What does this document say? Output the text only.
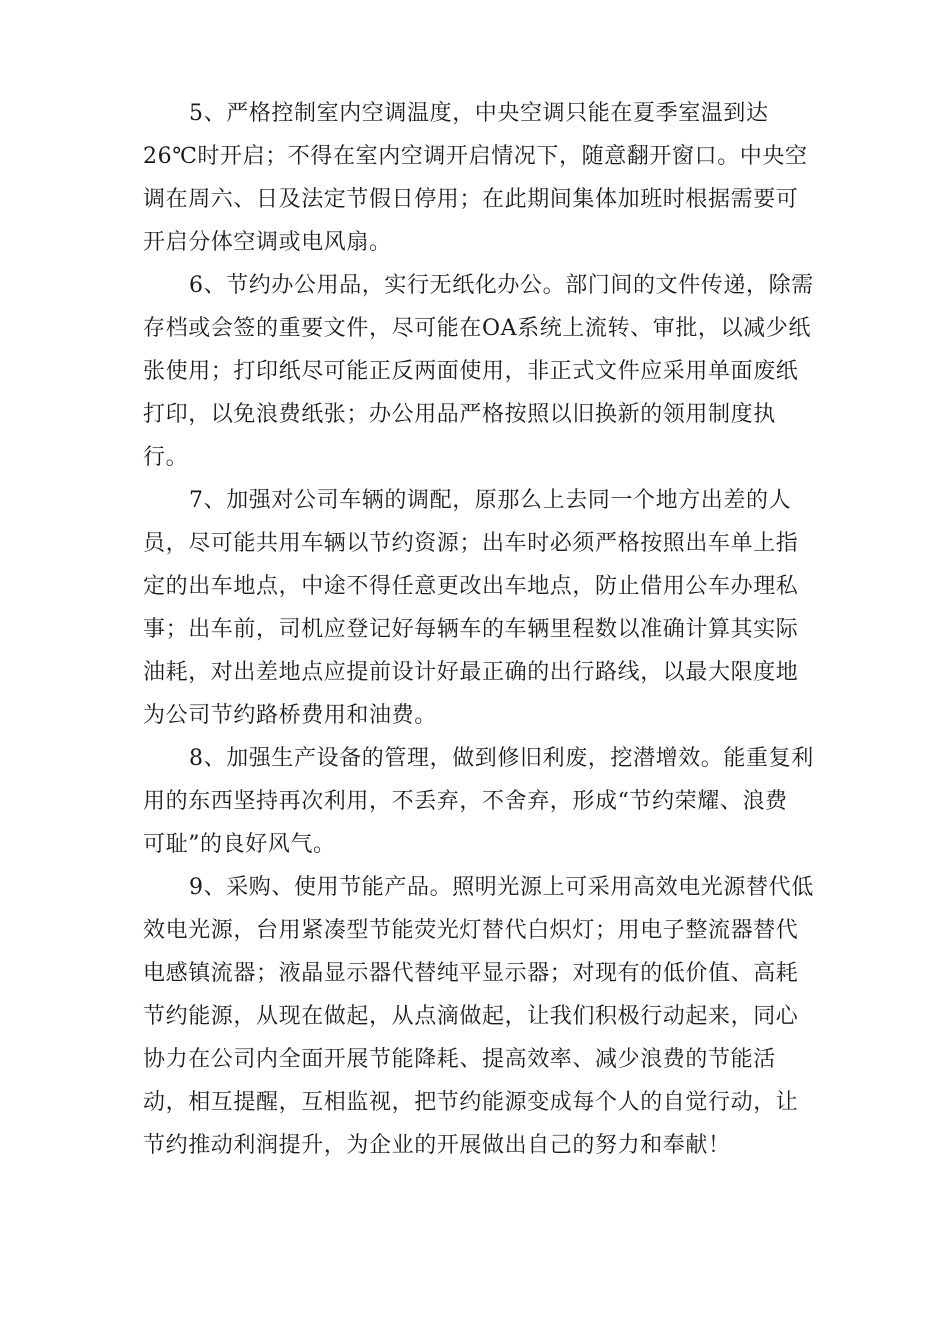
5、严格控制室内空调温度，中央空调只能在夏季室温到达
26℃时开启；不得在室内空调开启情况下，随意翻开窗口。中央空
调在周六、日及法定节假日停用；在此期间集体加班时根据需要可
开启分体空调或电风扇。

6、节约办公用品，实行无纸化办公。部门间的文件传递，除需
存档或会签的重要文件，尽可能在OA系统上流转、审批，以减少纸
张使用；打印纸尽可能正反两面使用，非正式文件应采用单面废纸
打印，以免浪费纸张；办公用品严格按照以旧换新的领用制度执
行。

7、加强对公司车辆的调配，原那么上去同一个地方出差的人
员，尽可能共用车辆以节约资源；出车时必须严格按照出车单上指
定的出车地点，中途不得任意更改出车地点，防止借用公车办理私
事；出车前，司机应登记好每辆车的车辆里程数以准确计算其实际
油耗，对出差地点应提前设计好最正确的出行路线，以最大限度地
为公司节约路桥费用和油费。

8、加强生产设备的管理，做到修旧利废，挖潜增效。能重复利
用的东西坚持再次利用，不丢弃，不舍弃，形成“节约荣耀、浪费
可耻”的良好风气。

9、采购、使用节能产品。照明光源上可采用高效电光源替代低
效电光源，台用紧凑型节能荧光灯替代白炽灯；用电子整流器替代
电感镇流器；液晶显示器代替纯平显示器；对现有的低价值、高耗
节约能源，从现在做起，从点滴做起，让我们积极行动起来，同心
协力在公司内全面开展节能降耗、提高效率、减少浪费的节能活
动，相互提醒，互相监视，把节约能源变成每个人的自觉行动，让
节约推动利润提升，为企业的开展做出自己的努力和奉献！
